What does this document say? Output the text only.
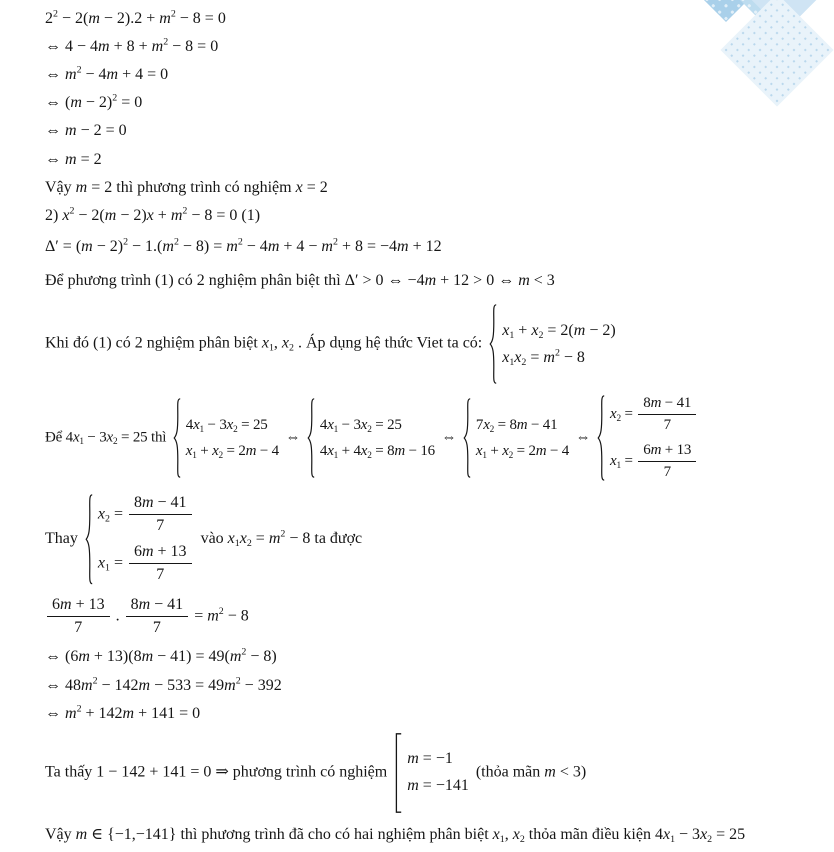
$2^2 - 2(m - 2).2 + m^2 - 8 = 0$
⇔ $4 - 4m + 8 + m^2 - 8 = 0$
⇔ $m^2 - 4m + 4 = 0$
⇔ $(m - 2)^2 = 0$
⇔ m − 2 = 0
⇔ m = 2
Vậy m = 2 thì phương trình có nghiệm x = 2
2) $x^2 - 2(m - 2)x + m^2 - 8 = 0$ (1)
$\Delta' = (m - 2)^2 - 1.(m^2 - 8) = m^2 - 4m + 4 - m^2 + 8 = -4m + 12$
Để phương trình (1) có 2 nghiệm phân biệt thì Δ′ > 0 ⇔ −4m + 12 > 0 ⇔ m < 3
Khi đó (1) có 2 nghiệm phân biệt $x_1$, $x_2$ . Áp dụng hệ thức Viet ta có:
$x_1 + x_2 = 2(m - 2)$
$x_1x_2 = m^2 - 8$
Để $4x_1 - 3x_2 = 25$ thì
$4x_1 - 3x_2 = 25$
$x_1 + x_2 = 2m - 4$
⇔
$4x_1 - 3x_2 = 25$
$4x_1 + 4x_2 = 8m - 16$
⇔
$7x_2 = 8m - 41$
$x_1 + x_2 = 2m - 4$
⇔
$x_2 = \frac{8m - 41}{7}$
$x_1 = \frac{6m + 13}{7}$
Thay
$x_2 = \frac{8m - 41}{7}$
$x_1 = \frac{6m + 13}{7}$
vào $x_1x_2 = m^2 - 8$ ta được
$\frac{6m + 13}{7}$ . $\frac{8m - 41}{7} = m^2 - 8$
⇔ $(6m + 13)(8m - 41) = 49(m^2 - 8)$
⇔ $48m^2 - 142m - 533 = 49m^2 - 392$
⇔ $m^2 + 142m + 141 = 0$
Ta thấy 1 − 142 + 141 = 0 ⇒ phương trình có nghiệm
m = −1
m = −141
(thỏa mãn m < 3)
Vậy m ∈ {−1,−141} thì phương trình đã cho có hai nghiệm phân biệt $x_1$, $x_2$ thỏa mãn điều kiện $4x_1 - 3x_2 = 25$
